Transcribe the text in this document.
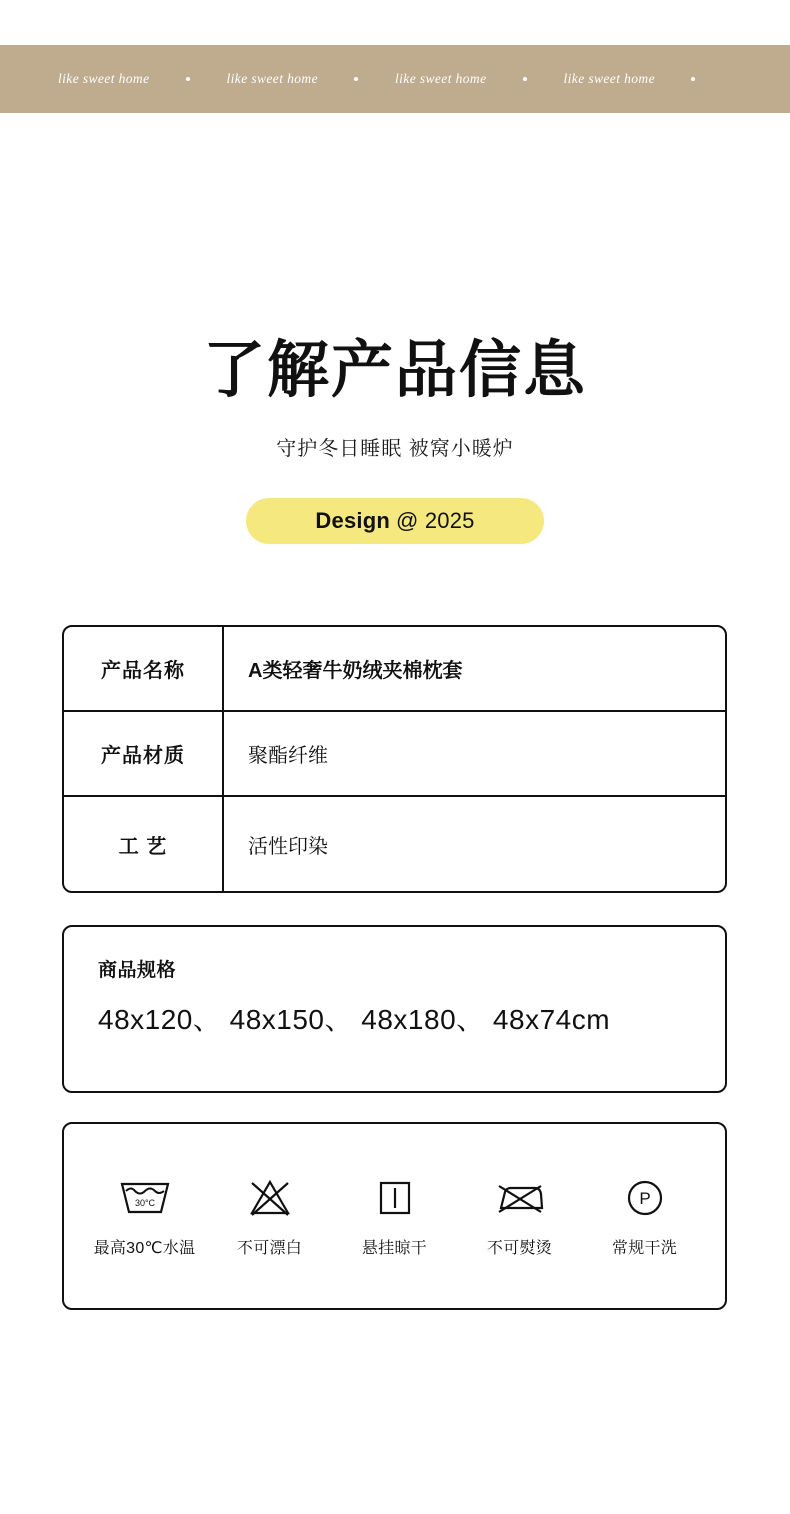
like sweet home	like sweet home	like sweet home	like sweet home
了解产品信息
守护冬日睡眠 被窝小暖炉
Design @ 2025
产品名称	A类轻奢牛奶绒夹棉枕套
产品材质	聚酯纤维
工 艺	活性印染
商品规格
48x120、 48x150、 48x180、 48x74cm
30°C
最高30℃水温	不可漂白	悬挂晾干	不可熨烫
P
常规干洗
